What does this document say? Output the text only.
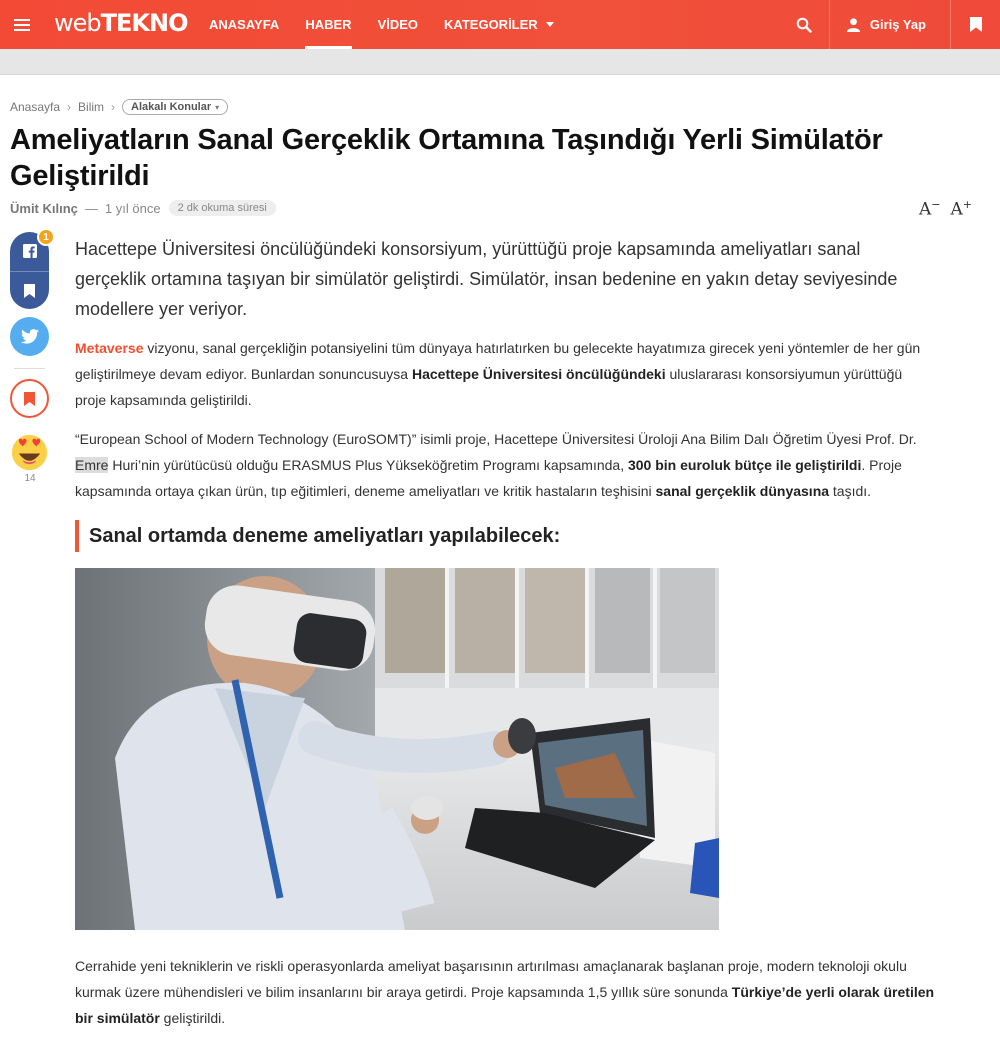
webTEKNO ANASAYFA HABER VİDEO KATEGORİLER	Giriş Yap
Anasayfa › Bilim › Alakalı Konular ▾
Ameliyatların Sanal Gerçeklik Ortamına Taşındığı Yerli Simülatör Geliştirildi
Ümit Kılınç — 1 yıl önce	2 dk okuma süresi	A− A+
1
14

Hacettepe Üniversitesi öncülüğündeki konsorsiyum, yürüttüğü proje kapsamında ameliyatları sanal gerçeklik ortamına taşıyan bir simülatör geliştirdi. Simülatör, insan bedenine en yakın detay seviyesinde modellere yer veriyor.

Metaverse vizyonu, sanal gerçekliğin potansiyelini tüm dünyaya hatırlatırken bu gelecekte hayatımıza girecek yeni yöntemler de her gün geliştirilmeye devam ediyor. Bunlardan sonuncusuysa Hacettepe Üniversitesi öncülüğündeki uluslararası konsorsiyumun yürüttüğü proje kapsamında geliştirildi.

“European School of Modern Technology (EuroSOMT)” isimli proje, Hacettepe Üniversitesi Üroloji Ana Bilim Dalı Öğretim Üyesi Prof. Dr. Emre Huri’nin yürütücüsü olduğu ERASMUS Plus Yükseköğretim Programı kapsamında, 300 bin euroluk bütçe ile geliştirildi. Proje kapsamında ortaya çıkan ürün, tıp eğitimleri, deneme ameliyatları ve kritik hastaların teşhisini sanal gerçeklik dünyasına taşıdı.

Sanal ortamda deneme ameliyatları yapılabilecek:

Cerrahide yeni tekniklerin ve riskli operasyonlarda ameliyat başarısının artırılması amaçlanarak başlanan proje, modern teknoloji okulu kurmak üzere mühendisleri ve bilim insanlarını bir araya getirdi. Proje kapsamında 1,5 yıllık süre sonunda Türkiye’de yerli olarak üretilen bir simülatör geliştirildi.
